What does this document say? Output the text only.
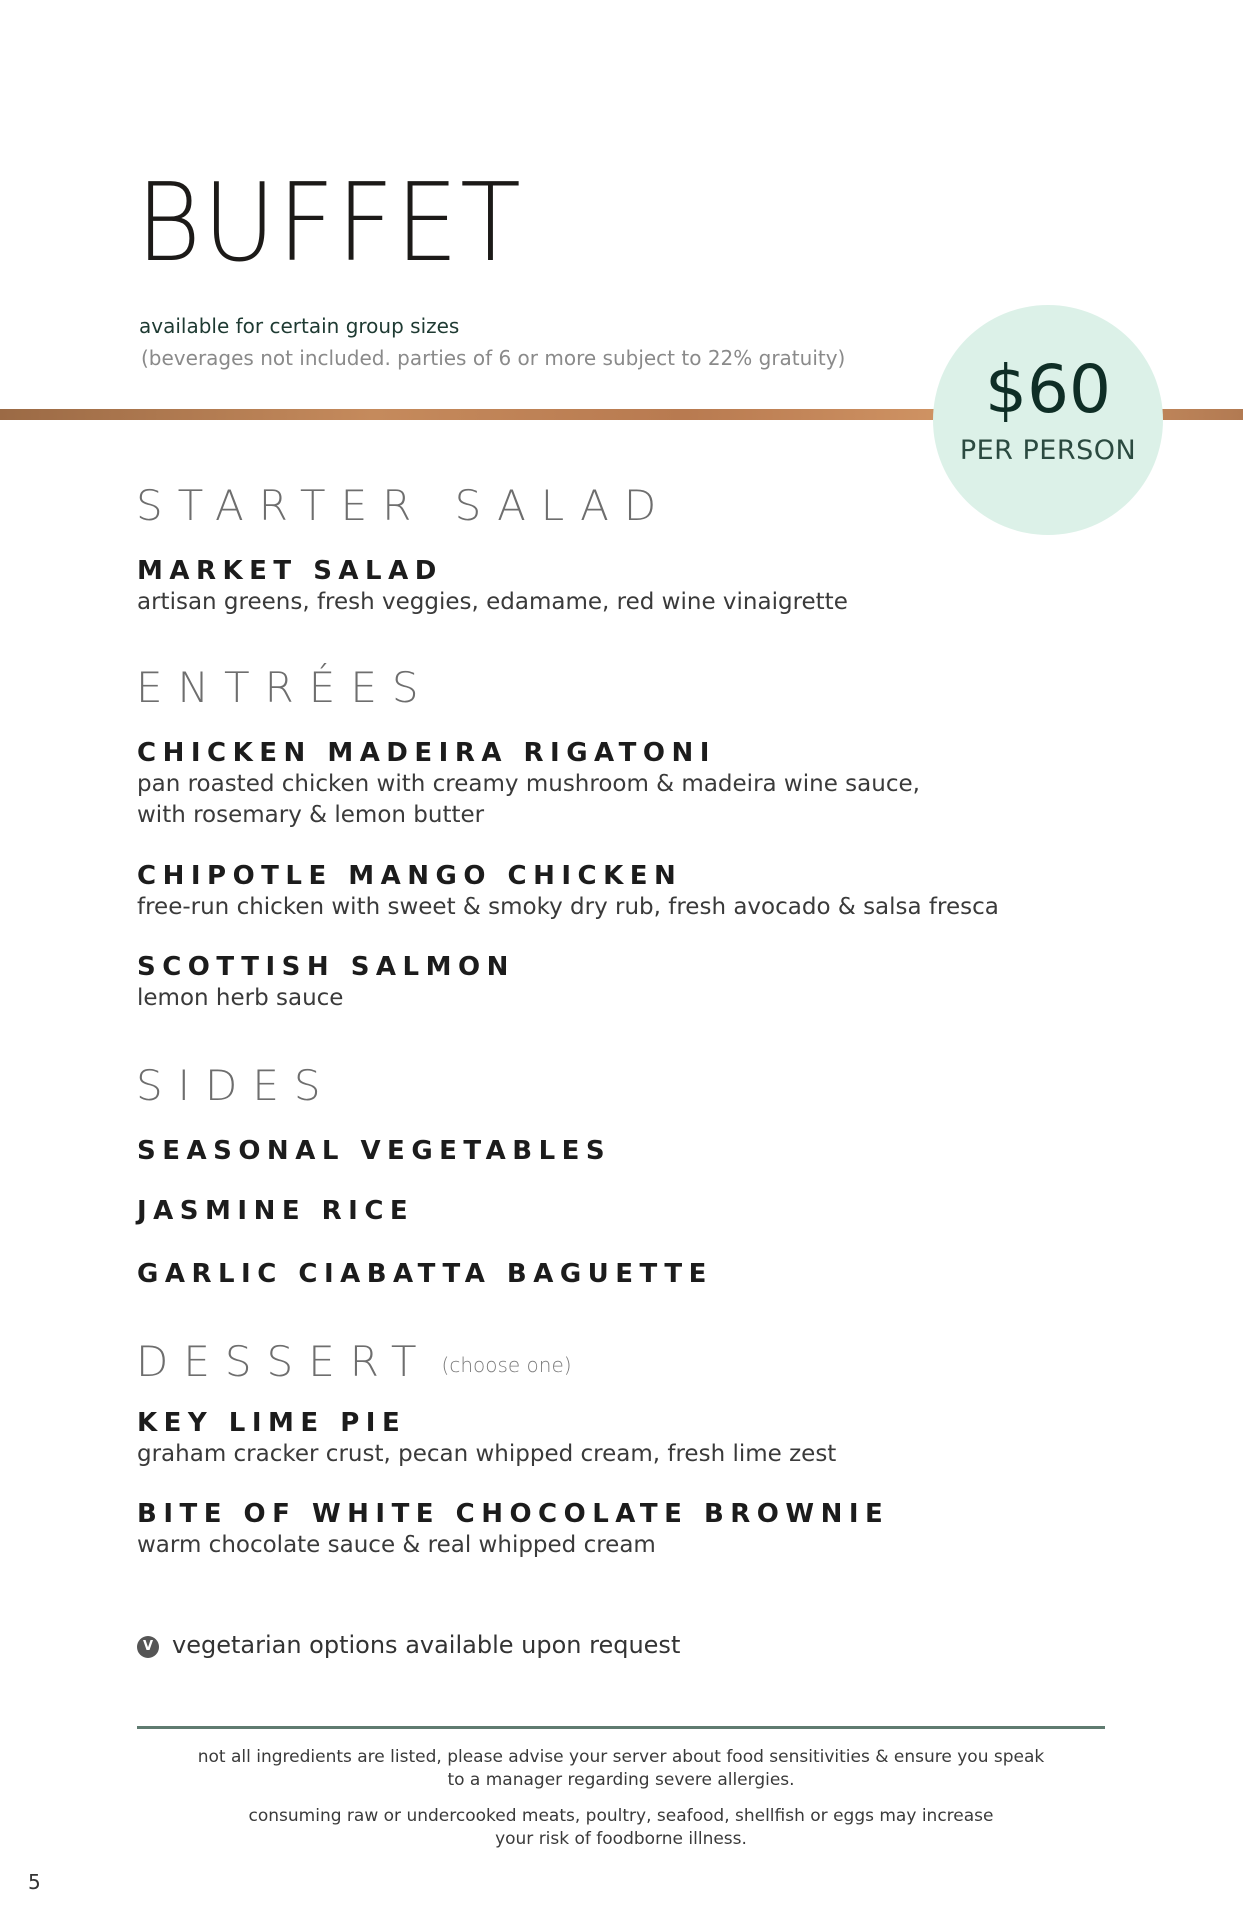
BUFFET
available for certain group sizes
(beverages not included. parties of 6 or more subject to 22% gratuity)	$60
PER PERSON
STARTER SALAD
MARKET SALAD
artisan greens, fresh veggies, edamame, red wine vinaigrette
ENTRÉES
CHICKEN MADEIRA RIGATONI
pan roasted chicken with creamy mushroom & madeira wine sauce,
with rosemary & lemon butter
CHIPOTLE MANGO CHICKEN
free-run chicken with sweet & smoky dry rub, fresh avocado & salsa fresca
SCOTTISH SALMON
lemon herb sauce
SIDES
SEASONAL VEGETABLES
JASMINE RICE
GARLIC CIABATTA BAGUETTE
DESSERT (choose one)
KEY LIME PIE
graham cracker crust, pecan whipped cream, fresh lime zest
BITE OF WHITE CHOCOLATE BROWNIE
warm chocolate sauce & real whipped cream
V vegetarian options available upon request
not all ingredients are listed, please advise your server about food sensitivities & ensure you speak
to a manager regarding severe allergies.
consuming raw or undercooked meats, poultry, seafood, shellfish or eggs may increase
your risk of foodborne illness.
5
